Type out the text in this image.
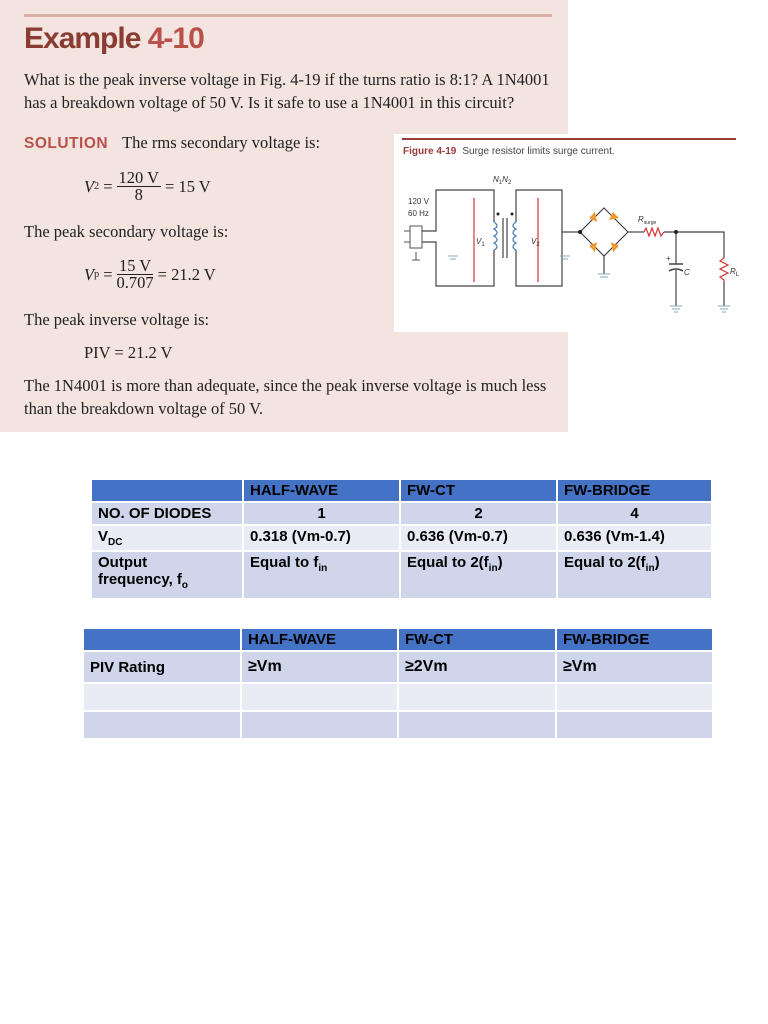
Example 4-10
What is the peak inverse voltage in Fig. 4-19 if the turns ratio is 8:1? A 1N4001
has a breakdown voltage of 50 V. Is it safe to use a 1N4001 in this circuit?
SOLUTION The rms secondary voltage is:
V $2 = \frac{120 V}{8} = 15$ V
The peak secondary voltage is:
V $p = \frac{15 V}{0.707} = 21.2$ V
The peak inverse voltage is:
PIV = 21.2 V
The 1N4001 is more than adequate, since the peak inverse voltage is much less
than the breakdown voltage of 50 V.
Figure 4-19 Surge resistor limits surge current.
120 V
60 Hz
$V_1$
$N_1N_2$
$V_2$
$R_{surge}$
C
+
$R_L$
	HALF-WAVE	FW-CT	FW-BRIDGE
NO. OF DIODES	1	2	4
$V_{DC}$	0.318 (Vm-0.7)	0.636 (Vm-0.7)	0.636 (Vm-1.4)
Output
frequency, $f_o$	Equal to $f_{in}$	Equal to $2(f_{in})$	Equal to $2(f_{in})$
	HALF-WAVE	FW-CT	FW-BRIDGE
PIV Rating	≥Vm	≥2Vm	≥Vm
